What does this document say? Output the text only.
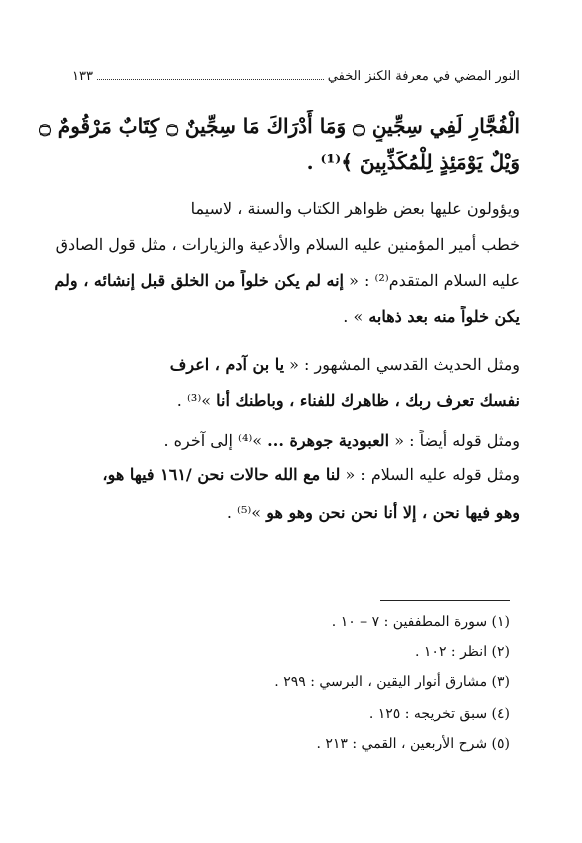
النور المضي في معرفة الكنز الخفي
١٣٣
الْفُجَّارِ لَفِي سِجِّينٍ ۝ وَمَا أَدْرَاكَ مَا سِجِّينٌ ۝ كِتَابٌ مَرْقُومٌ ۝
وَيْلٌ يَوْمَئِذٍ لِلْمُكَذِّبِينَ ﴾⁽¹⁾ .
ويؤولون عليها بعض ظواهر الكتاب والسنة ، لاسيما
خطب أمير المؤمنين عليه السلام والأدعية والزيارات ، مثل قول الصادق
عليه السلام المتقدم⁽²⁾ : « إنه لم يكن خلواً من الخلق قبل إنشائه ، ولم
يكن خلواً منه بعد ذهابه » .
ومثل الحديث القدسي المشهور : « يا بن آدم ، اعرف
نفسك تعرف ربك ، ظاهرك للفناء ، وباطنك أنا »⁽³⁾ .
ومثل قوله أيضاً : « العبودية جوهرة ... »⁽⁴⁾ إلى آخره .
ومثل قوله عليه السلام : « لنا مع الله حالات نحن /١٦١ فيها هو،
وهو فيها نحن ، إلا أنا نحن نحن وهو هو »⁽⁵⁾ .
(١) سورة المطففين : ٧ – ١٠ .
(٢) انظر : ١٠٢ .
(٣) مشارق أنوار اليقين ، البرسي : ٢٩٩ .
(٤) سبق تخريجه : ١٢٥ .
(٥) شرح الأربعين ، القمي : ٢١٣ .
